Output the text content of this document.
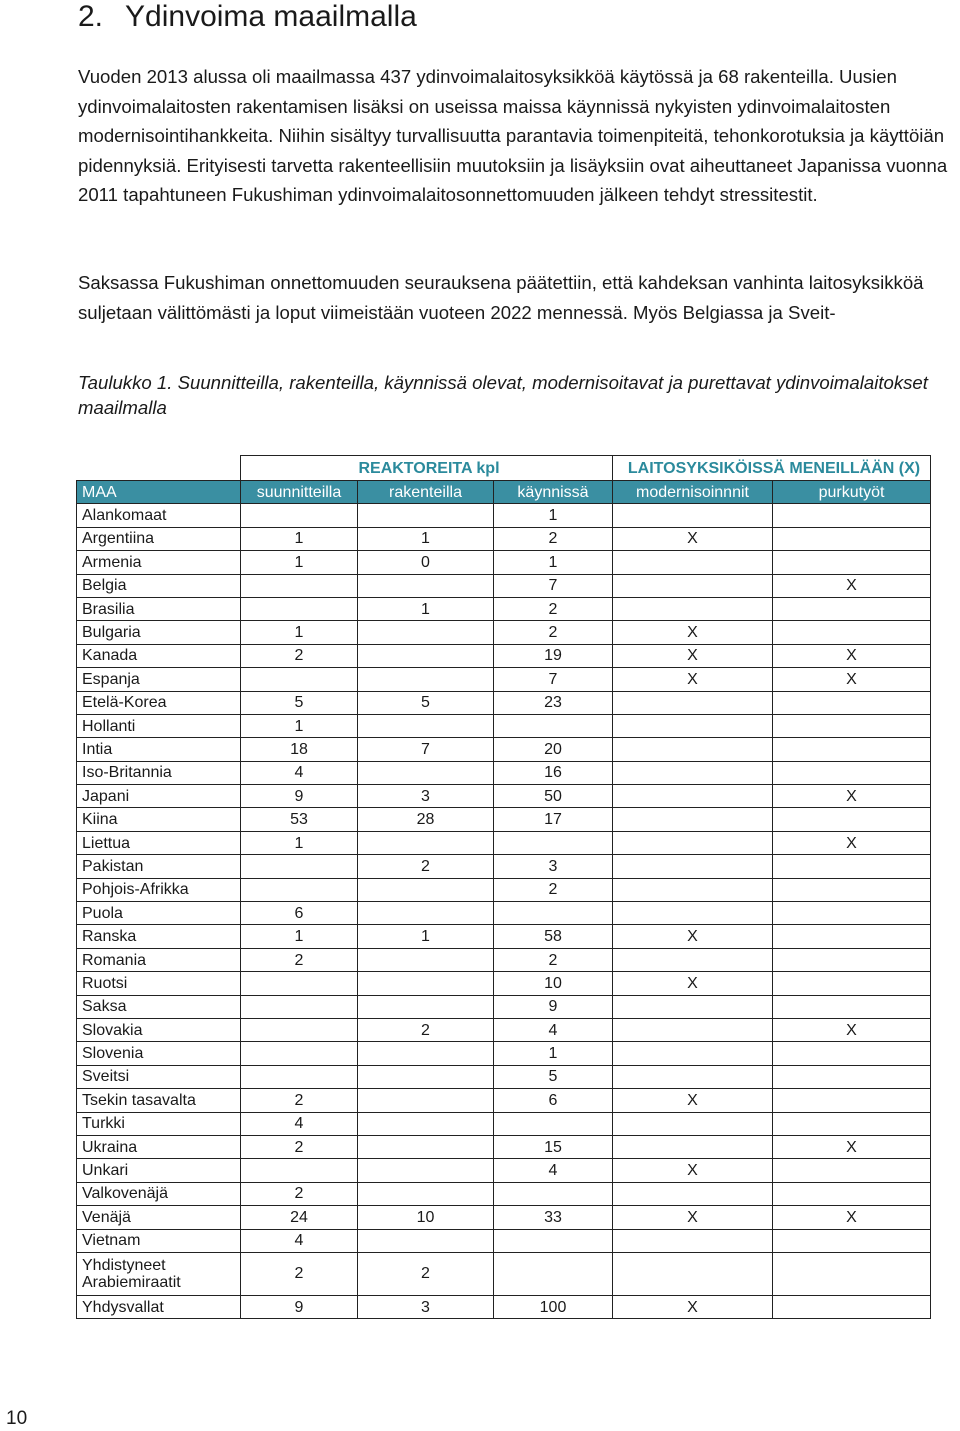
2. Ydinvoima maailmalla

Vuoden 2013 alussa oli maailmassa 437 ydinvoimalaitosyksikköä käytössä ja 68 rakenteilla. Uusien ydinvoimalaitosten rakentamisen lisäksi on useissa maissa käynnissä nykyisten ydinvoimalaitosten modernisointihankkeita. Niihin sisältyy turvallisuutta parantavia toimenpiteitä, tehonkorotuksia ja käyttöiän pidennyksiä. Erityisesti tarvetta rakenteellisiin muutoksiin ja lisäyksiin ovat aiheuttaneet Japanissa vuonna 2011 tapahtuneen Fukushiman ydinvoimalaitosonnettomuuden jälkeen tehdyt stressitestit.

Saksassa Fukushiman onnettomuuden seurauksena päätettiin, että kahdeksan vanhinta laitosyksikköä suljetaan välittömästi ja loput viimeistään vuoteen 2022 mennessä. Myös Belgiassa ja Sveit-

Taulukko 1. Suunnitteilla, rakenteilla, käynnissä olevat, modernisoitavat ja purettavat ydinvoimalaitokset maailmalla

	REAKTOREITA kpl			LAITOSYKSIKÖISSÄ MENEILLÄÄN (X)	

MAA	suunnitteilla	rakenteilla	käynnissä	modernisoinnnit	purkutyöt
Alankomaat			1		
Argentiina	1	1	2	X	
Armenia	1	0	1		
Belgia			7		X
Brasilia		1	2		
Bulgaria	1		2	X	
Kanada	2		19	X	X
Espanja			7	X	X
Etelä-Korea	5	5	23		
Hollanti	1				
Intia	18	7	20		
Iso-Britannia	4		16		
Japani	9	3	50		X
Kiina	53	28	17		
Liettua	1				X
Pakistan		2	3		
Pohjois-Afrikka			2		
Puola	6				
Ranska	1	1	58	X	
Romania	2		2		
Ruotsi			10	X	
Saksa			9		
Slovakia		2	4		X
Slovenia			1		
Sveitsi			5		
Tsekin tasavalta	2		6	X	
Turkki	4				
Ukraina	2		15		X
Unkari			4	X	
Valkovenäjä	2				
Venäjä	24	10	33	X	X
Vietnam	4				
Yhdistyneet Arabiemiraatit	2	2			
Yhdysvallat	9	3	100	X	
10
